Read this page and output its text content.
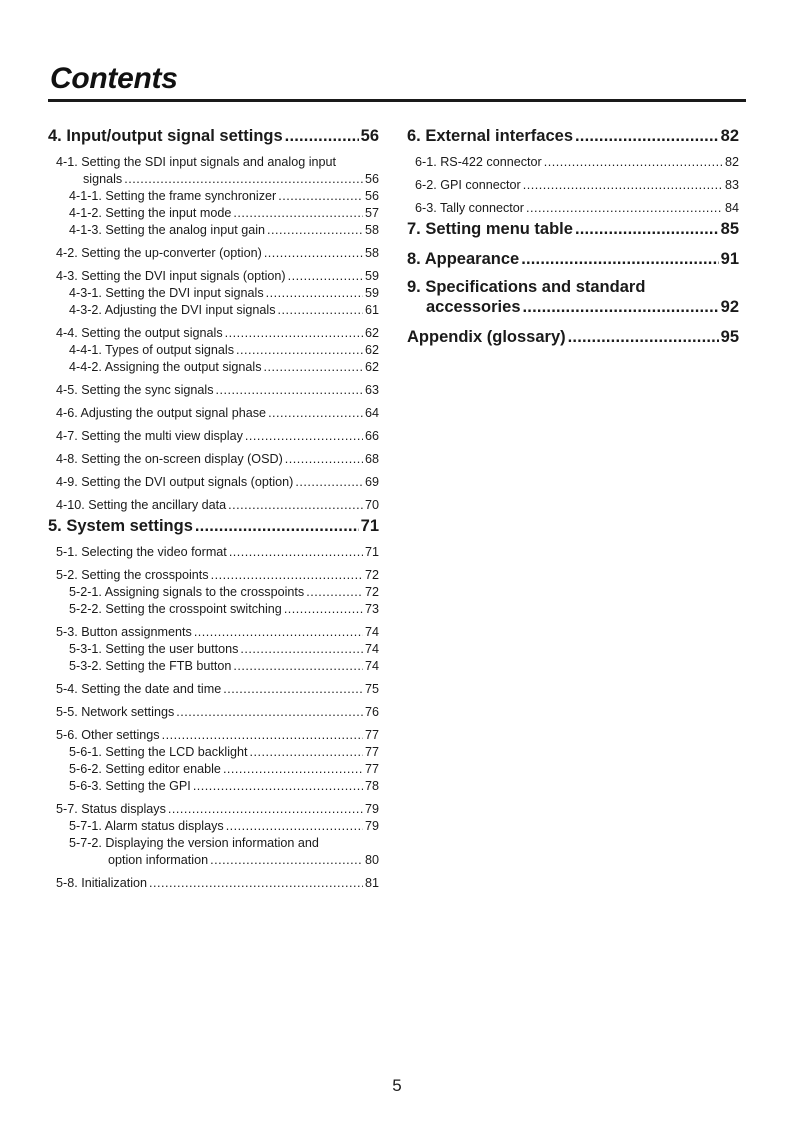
Contents
4. Input/output signal settings .....	56
4-1. Setting the SDI input signals and analog input
signals .....	56
4-1-1. Setting the frame synchronizer .....	56
4-1-2. Setting the input mode .....	57
4-1-3. Setting the analog input gain .....	58
4-2. Setting the up-converter (option) .....	58
4-3. Setting the DVI input signals (option) .....	59
4-3-1. Setting the DVI input signals .....	59
4-3-2. Adjusting the DVI input signals .....	61
4-4. Setting the output signals .....	62
4-4-1. Types of output signals .....	62
4-4-2. Assigning the output signals .....	62
4-5. Setting the sync signals .....	63
4-6. Adjusting the output signal phase .....	64
4-7. Setting the multi view display .....	66
4-8. Setting the on-screen display (OSD) .....	68
4-9. Setting the DVI output signals (option) .....	69
4-10. Setting the ancillary data .....	70
5. System settings .....	71
5-1. Selecting the video format .....	71
5-2. Setting the crosspoints .....	72
5-2-1. Assigning signals to the crosspoints .....	72
5-2-2. Setting the crosspoint switching .....	73
5-3. Button assignments .....	74
5-3-1. Setting the user buttons .....	74
5-3-2. Setting the FTB button .....	74
5-4. Setting the date and time .....	75
5-5. Network settings .....	76
5-6. Other settings .....	77
5-6-1. Setting the LCD backlight .....	77
5-6-2. Setting editor enable .....	77
5-6-3. Setting the GPI .....	78
5-7. Status displays .....	79
5-7-1. Alarm status displays .....	79
5-7-2. Displaying the version information and
option information .....	80
5-8. Initialization .....	81
6. External interfaces .....	82
6-1. RS-422 connector .....	82
6-2. GPI connector .....	83
6-3. Tally connector .....	84
7. Setting menu table .....	85
8. Appearance .....	91
9. Specifications and standard
accessories .....	92
Appendix (glossary) .....	95
5
